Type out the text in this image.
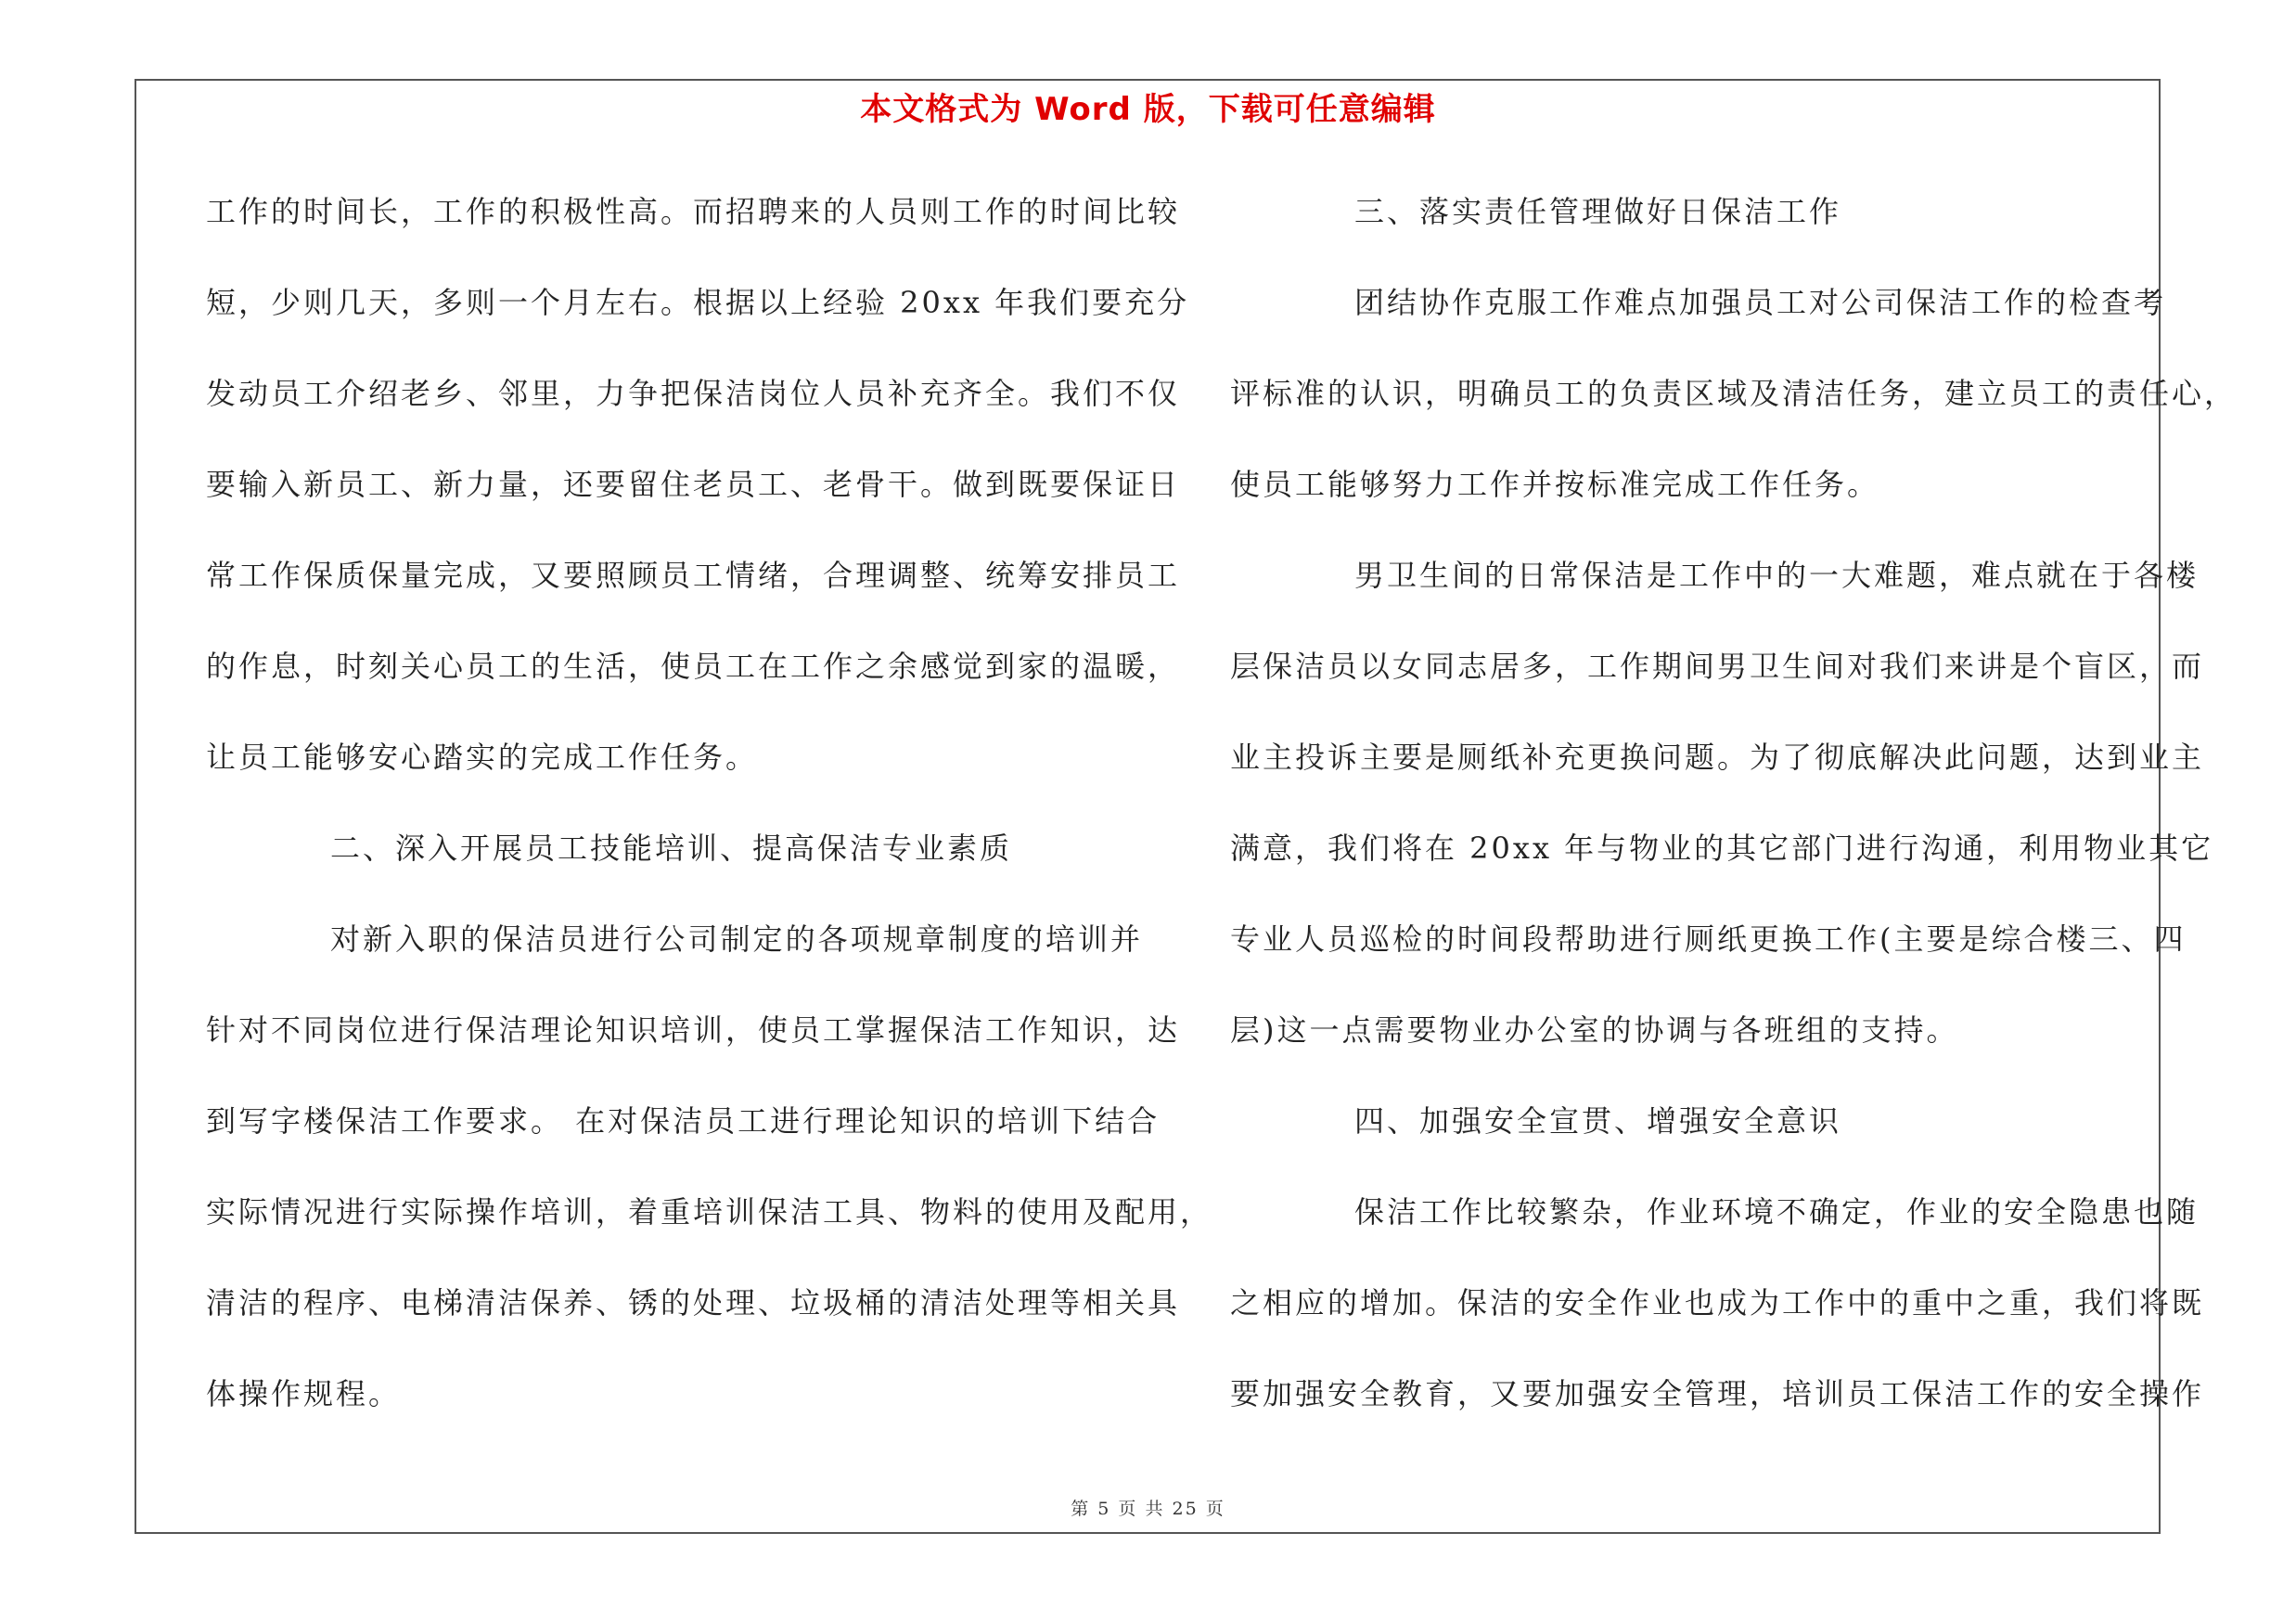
本文格式为 Word 版，下载可任意编辑
工作的时间长，工作的积极性高。而招聘来的人员则工作的时间比较
短，少则几天，多则一个月左右。根据以上经验 20xx 年我们要充分
发动员工介绍老乡、邻里，力争把保洁岗位人员补充齐全。我们不仅
要输入新员工、新力量，还要留住老员工、老骨干。做到既要保证日
常工作保质保量完成，又要照顾员工情绪，合理调整、统筹安排员工
的作息，时刻关心员工的生活，使员工在工作之余感觉到家的温暖，
让员工能够安心踏实的完成工作任务。
二、深入开展员工技能培训、提高保洁专业素质
对新入职的保洁员进行公司制定的各项规章制度的培训并
针对不同岗位进行保洁理论知识培训，使员工掌握保洁工作知识，达
到写字楼保洁工作要求。 在对保洁员工进行理论知识的培训下结合
实际情况进行实际操作培训，着重培训保洁工具、物料的使用及配用，
清洁的程序、电梯清洁保养、锈的处理、垃圾桶的清洁处理等相关具
体操作规程。
三、落实责任管理做好日保洁工作
团结协作克服工作难点加强员工对公司保洁工作的检查考
评标准的认识，明确员工的负责区域及清洁任务，建立员工的责任心，
使员工能够努力工作并按标准完成工作任务。
男卫生间的日常保洁是工作中的一大难题，难点就在于各楼
层保洁员以女同志居多，工作期间男卫生间对我们来讲是个盲区，而
业主投诉主要是厕纸补充更换问题。为了彻底解决此问题，达到业主
满意，我们将在 20xx 年与物业的其它部门进行沟通，利用物业其它
专业人员巡检的时间段帮助进行厕纸更换工作(主要是综合楼三、四
层)这一点需要物业办公室的协调与各班组的支持。
四、加强安全宣贯、增强安全意识
保洁工作比较繁杂，作业环境不确定，作业的安全隐患也随
之相应的增加。保洁的安全作业也成为工作中的重中之重，我们将既
要加强安全教育，又要加强安全管理，培训员工保洁工作的安全操作
第 5 页 共 25 页
